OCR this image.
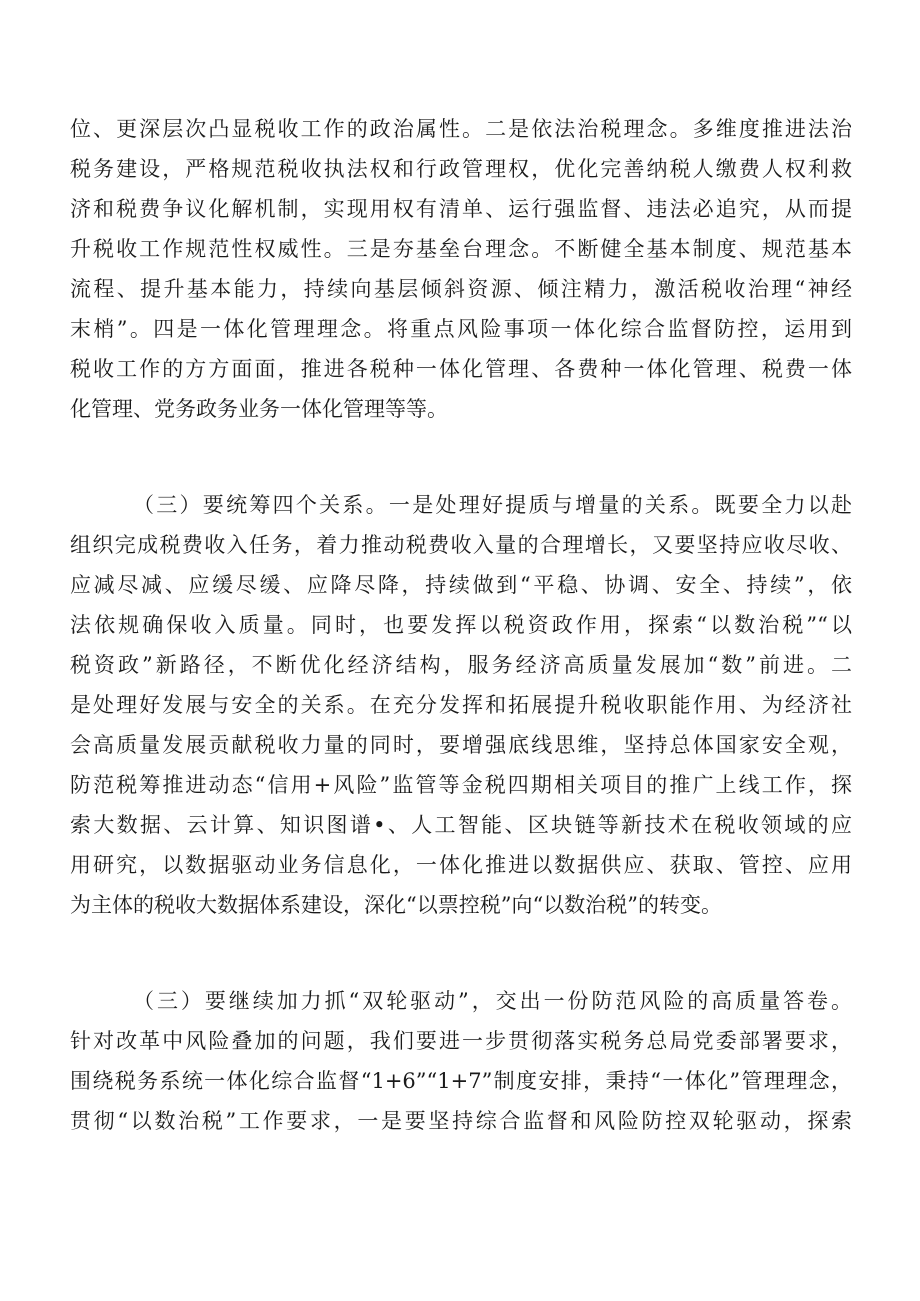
位、更深层次凸显税收工作的政治属性。二是依法治税理念。多维度推进法治
税务建设，严格规范税收执法权和行政管理权，优化完善纳税人缴费人权利救
济和税费争议化解机制，实现用权有清单、运行强监督、违法必追究，从而提
升税收工作规范性权威性。三是夯基垒台理念。不断健全基本制度、规范基本
流程、提升基本能力，持续向基层倾斜资源、倾注精力，激活税收治理“神经
末梢”。四是一体化管理理念。将重点风险事项一体化综合监督防控，运用到
税收工作的方方面面，推进各税种一体化管理、各费种一体化管理、税费一体
化管理、党务政务业务一体化管理等等。
（三）要统筹四个关系。一是处理好提质与增量的关系。既要全力以赴
组织完成税费收入任务，着力推动税费收入量的合理增长，又要坚持应收尽收、
应减尽减、应缓尽缓、应降尽降，持续做到“平稳、协调、安全、持续”，依
法依规确保收入质量。同时，也要发挥以税资政作用，探索“以数治税”“以
税资政”新路径，不断优化经济结构，服务经济高质量发展加“数”前进。二
是处理好发展与安全的关系。在充分发挥和拓展提升税收职能作用、为经济社
会高质量发展贡献税收力量的同时，要增强底线思维，坚持总体国家安全观，
防范税筹推进动态“信用+风险”监管等金税四期相关项目的推广上线工作，探
索大数据、云计算、知识图谱•、人工智能、区块链等新技术在税收领域的应
用研究，以数据驱动业务信息化，一体化推进以数据供应、获取、管控、应用
为主体的税收大数据体系建设，深化“以票控税”向“以数治税”的转变。
（三）要继续加力抓“双轮驱动”，交出一份防范风险的高质量答卷。
针对改革中风险叠加的问题，我们要进一步贯彻落实税务总局党委部署要求，
围绕税务系统一体化综合监督“1+6”“1+7”制度安排，秉持“一体化”管理理念，
贯彻“以数治税”工作要求，一是要坚持综合监督和风险防控双轮驱动，探索
